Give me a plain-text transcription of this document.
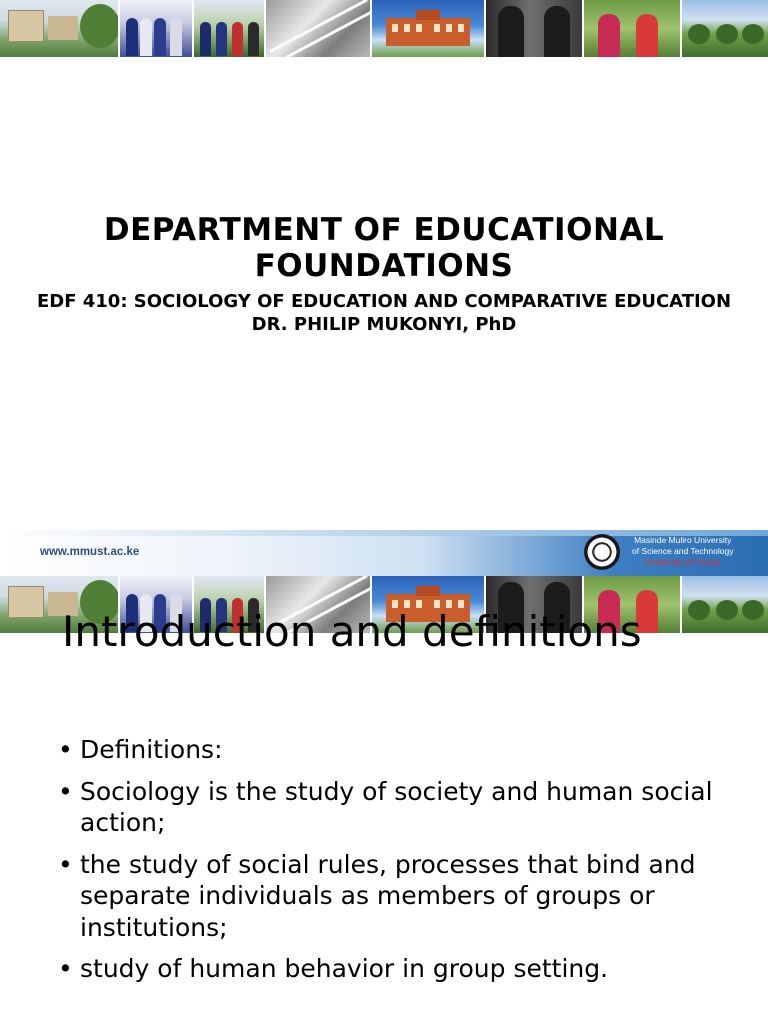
DEPARTMENT OF EDUCATIONAL FOUNDATIONS
EDF 410: SOCIOLOGY OF EDUCATION AND COMPARATIVE EDUCATION
DR. PHILIP MUKONYI, PhD
www.mmust.ac.ke
Masinde Muliro University
of Science and Technology
University of Choice
Introduction and definitions
• Definitions:
• Sociology is the study of society and human social action;
• the study of social rules, processes that bind and separate individuals as members of groups or institutions;
• study of human behavior in group setting.
